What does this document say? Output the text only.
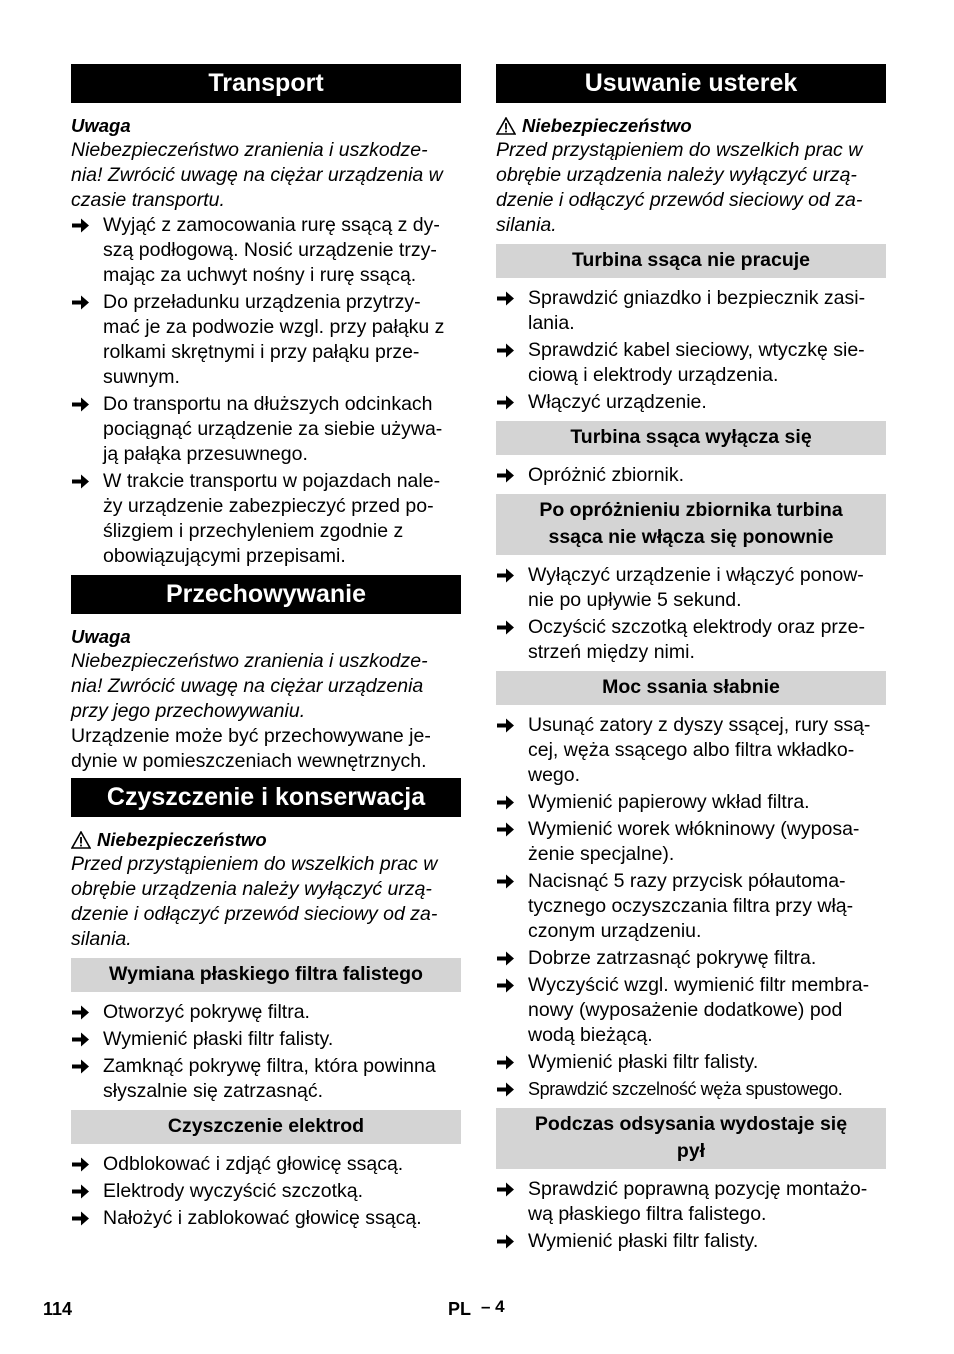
Transport
Uwaga
Niebezpieczeństwo zranienia i uszkodze-
nia! Zwrócić uwagę na ciężar urządzenia w
czasie transportu.
Wyjąć z zamocowania rurę ssącą z dy-
szą podłogową. Nosić urządzenie trzy-
mając za uchwyt nośny i rurę ssącą.
Do przeładunku urządzenia przytrzy-
mać je za podwozie wzgl. przy pałąku z
rolkami skrętnymi i przy pałąku prze-
suwnym.
Do transportu na dłuższych odcinkach
pociągnąć urządzenie za siebie używa-
ją pałąka przesuwnego.
W trakcie transportu w pojazdach nale-
ży urządzenie zabezpieczyć przed po-
ślizgiem i przechyleniem zgodnie z
obowiązującymi przepisami.
Przechowywanie
Uwaga
Niebezpieczeństwo zranienia i uszkodze-
nia! Zwrócić uwagę na ciężar urządzenia
przy jego przechowywaniu.
Urządzenie może być przechowywane je-
dynie w pomieszczeniach wewnętrznych.
Czyszczenie i konserwacja
Niebezpieczeństwo
Przed przystąpieniem do wszelkich prac w
obrębie urządzenia należy wyłączyć urzą-
dzenie i odłączyć przewód sieciowy od za-
silania.
Wymiana płaskiego filtra falistego
Otworzyć pokrywę filtra.
Wymienić płaski filtr falisty.
Zamknąć pokrywę filtra, która powinna
słyszalnie się zatrzasnąć.
Czyszczenie elektrod
Odblokować i zdjąć głowicę ssącą.
Elektrody wyczyścić szczotką.
Nałożyć i zablokować głowicę ssącą.
Usuwanie usterek
Niebezpieczeństwo
Przed przystąpieniem do wszelkich prac w
obrębie urządzenia należy wyłączyć urzą-
dzenie i odłączyć przewód sieciowy od za-
silania.
Turbina ssąca nie pracuje
Sprawdzić gniazdko i bezpiecznik zasi-
lania.
Sprawdzić kabel sieciowy, wtyczkę sie-
ciową i elektrody urządzenia.
Włączyć urządzenie.
Turbina ssąca wyłącza się
Opróżnić zbiornik.
Po opróżnieniu zbiornika turbina
ssąca nie włącza się ponownie
Wyłączyć urządzenie i włączyć ponow-
nie po upływie 5 sekund.
Oczyścić szczotką elektrody oraz prze-
strzeń między nimi.
Moc ssania słabnie
Usunąć zatory z dyszy ssącej, rury ssą-
cej, węża ssącego albo filtra wkładko-
wego.
Wymienić papierowy wkład filtra.
Wymienić worek włókninowy (wyposa-
żenie specjalne).
Nacisnąć 5 razy przycisk półautoma-
tycznego oczyszczania filtra przy włą-
czonym urządzeniu.
Dobrze zatrzasnąć pokrywę filtra.
Wyczyścić wzgl. wymienić filtr membra-
nowy (wyposażenie dodatkowe) pod
wodą bieżącą.
Wymienić płaski filtr falisty.
Sprawdzić szczelność węża spustowego.
Podczas odsysania wydostaje się
pył
Sprawdzić poprawną pozycję montażo-
wą płaskiego filtra falistego.
Wymienić płaski filtr falisty.
114	PL – 4
